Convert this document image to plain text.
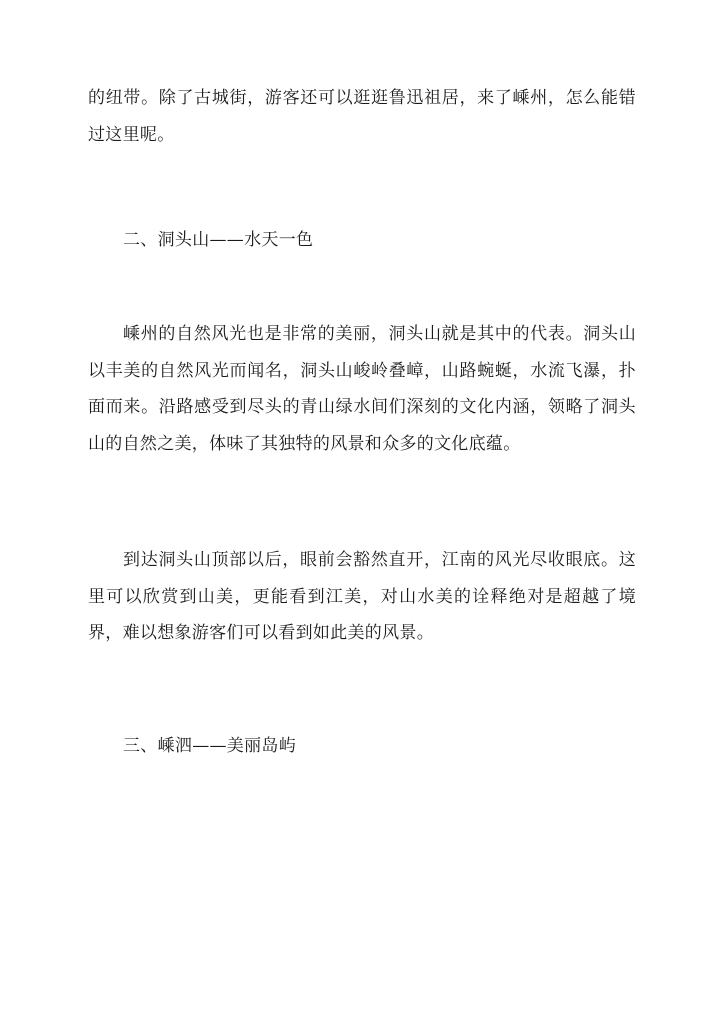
的纽带。除了古城街，游客还可以逛逛鲁迅祖居，来了嵊州，怎么能错过这里呢。

二、洞头山——水天一色

嵊州的自然风光也是非常的美丽，洞头山就是其中的代表。洞头山以丰美的自然风光而闻名，洞头山峻岭叠嶂，山路蜿蜒，水流飞瀑，扑面而来。沿路感受到尽头的青山绿水间们深刻的文化内涵，领略了洞头山的自然之美，体味了其独特的风景和众多的文化底蕴。

到达洞头山顶部以后，眼前会豁然直开，江南的风光尽收眼底。这里可以欣赏到山美，更能看到江美，对山水美的诠释绝对是超越了境界，难以想象游客们可以看到如此美的风景。

三、嵊泗——美丽岛屿
